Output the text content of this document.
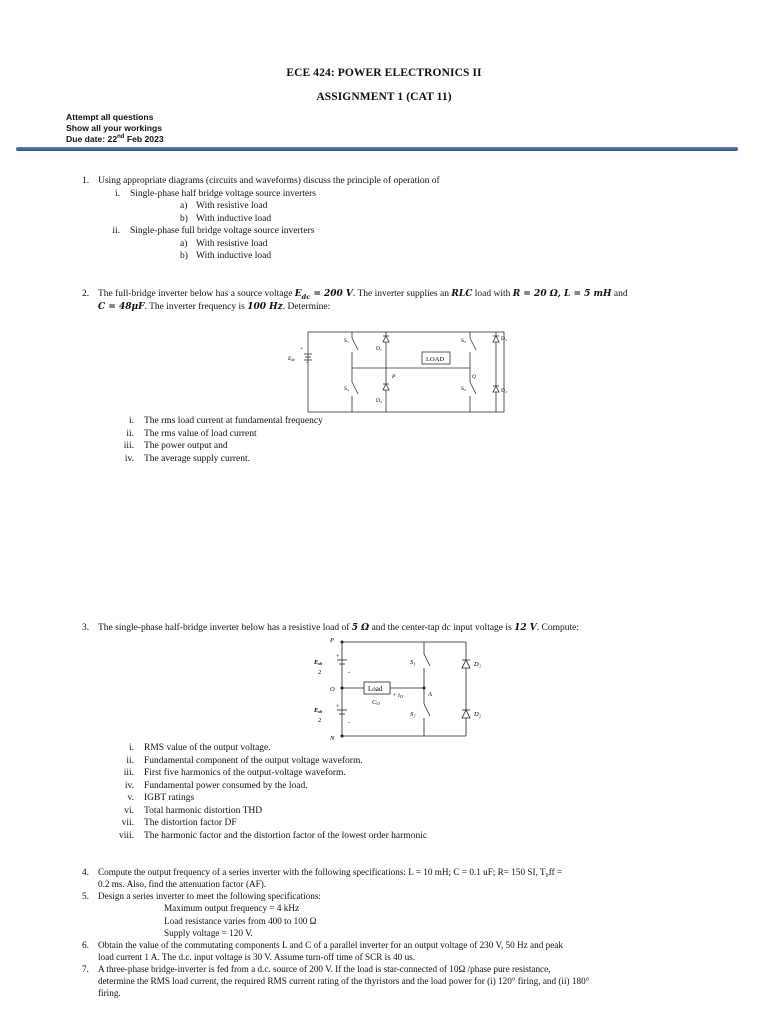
ECE 424: POWER ELECTRONICS II
ASSIGNMENT 1 (CAT 11)
Attempt all questions
Show all your workings
Due date: 22nd Feb 2023
1. Using appropriate diagrams (circuits and waveforms) discuss the principle of operation of
i. Single-phase half bridge voltage source inverters
a) With resistive load
b) With inductive load
ii. Single-phase full bridge voltage source inverters
a) With resistive load
b) With inductive load
2. The full-bridge inverter below has a source voltage $E_{dc} = 200$ V. The inverter supplies an RLC load with R = 20 Ω, L = 5 mH and
C = 48μF. The inverter frequency is 100 Hz. Determine:
LOAD
S₁
D₁
S₄
D₄
S₃	D₃
S₂	D₂
P	Q
Edc
+
-
i. The rms load current at fundamental frequency
ii. The rms value of load current
iii. The power output and
iv. The average supply current.
3. The single-phase half-bridge inverter below has a resistive load of 5 Ω and the center-tap dc input voltage is 12 V. Compute:
Load
P
N
O
A
S₁
S₂
D₁
D₂
CO
+ iO
Edc
2
Edc
2
+
-
+
-
i. RMS value of the output voltage.
ii. Fundamental component of the output voltage waveform.
iii. First five harmonics of the output-voltage waveform.
iv. Fundamental power consumed by the load.
v. IGBT ratings
vi. Total harmonic distortion THD
vii. The distortion factor DF
viii. The harmonic factor and the distortion factor of the lowest order harmonic
4. Compute the output frequency of a series inverter with the following specifications: L = 10 mH; C = 0.1 uF; R= 150 SI, T₀ff =
0.2 ms. Also, find the attenuation factor (AF).
5. Design a series inverter to meet the following specifications:
Maximum output frequency = 4 kHz
Load resistance varies from 400 to 100 Ω
Supply voltage = 120 V.
6. Obtain the value of the commutating components L and C of a parallel inverter for an output voltage of 230 V, 50 Hz and peak
load current 1 A. The d.c. input voltage is 30 V. Assume turn-off time of SCR is 40 us.
7. A three-phase bridge-inverter is fed from a d.c. source of 200 V. If the load is star-connected of 10Ω /phase pure resistance,
determine the RMS load current, the required RMS current rating of the thyristors and the load power for (i) 120° firing, and (ii) 180°
firing.
